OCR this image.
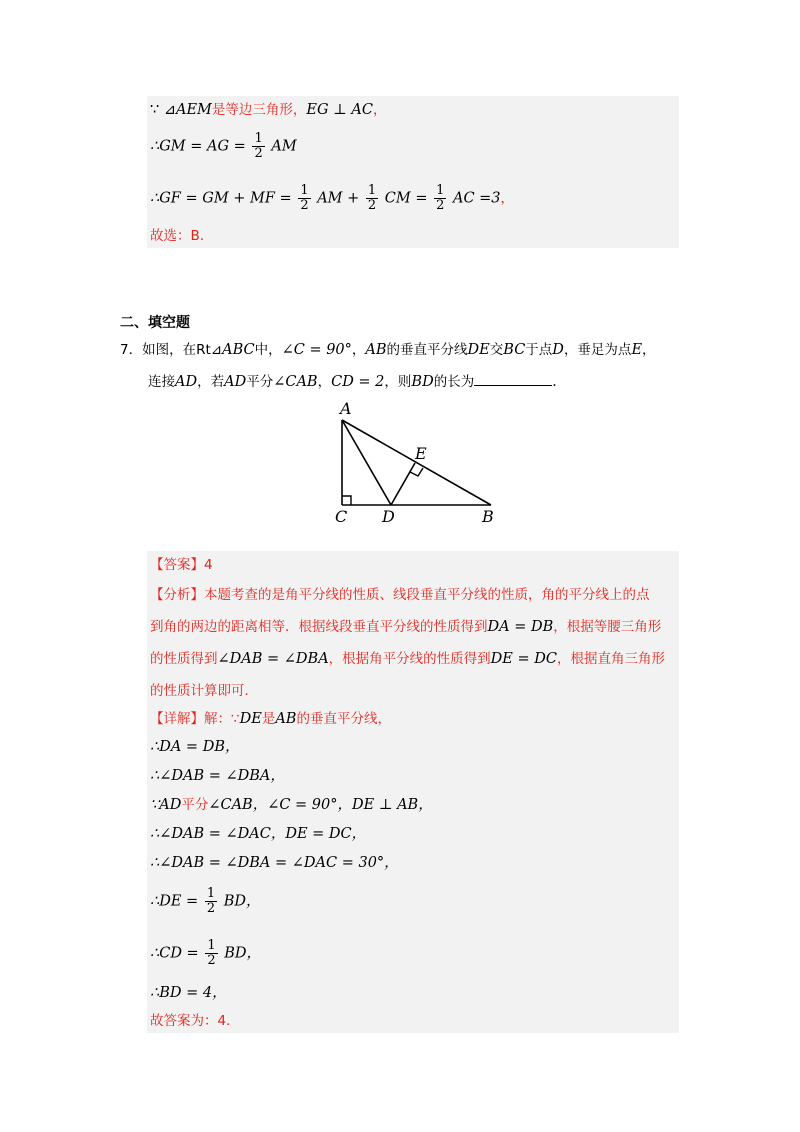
∵ ⊿AEM是等边三角形，EG ⊥ AC，
∴GM = AG = $\frac{1}{2}$ AM
∴GF = GM + MF = $\frac{1}{2}$ AM + $\frac{1}{2}$ CM = $\frac{1}{2}$ AC =3，
故选：B.
二、填空题
7．如图，在Rt⊿ABC中，∠C = 90°，AB的垂直平分线DE交BC于点D，垂足为点E，
连接AD，若AD平分∠CAB，CD = 2，则BD的长为	．
A
E
C D	B
【答案】4
【分析】本题考查的是角平分线的性质、线段垂直平分线的性质，角的平分线上的点
到角的两边的距离相等．根据线段垂直平分线的性质得到DA = DB，根据等腰三角形
的性质得到∠DAB = ∠DBA，根据角平分线的性质得到DE = DC，根据直角三角形
的性质计算即可．
【详解】解：∵DE是AB的垂直平分线，
∴DA = DB，
∴∠DAB = ∠DBA，
∵AD平分∠CAB，∠C = 90°，DE ⊥ AB，
∴∠DAB = ∠DAC，DE = DC，
∴∠DAB = ∠DBA = ∠DAC = 30°，
∴DE = $\frac{1}{2}$ BD，
∴CD = $\frac{1}{2}$ BD，
∴BD = 4，
故答案为：4．
